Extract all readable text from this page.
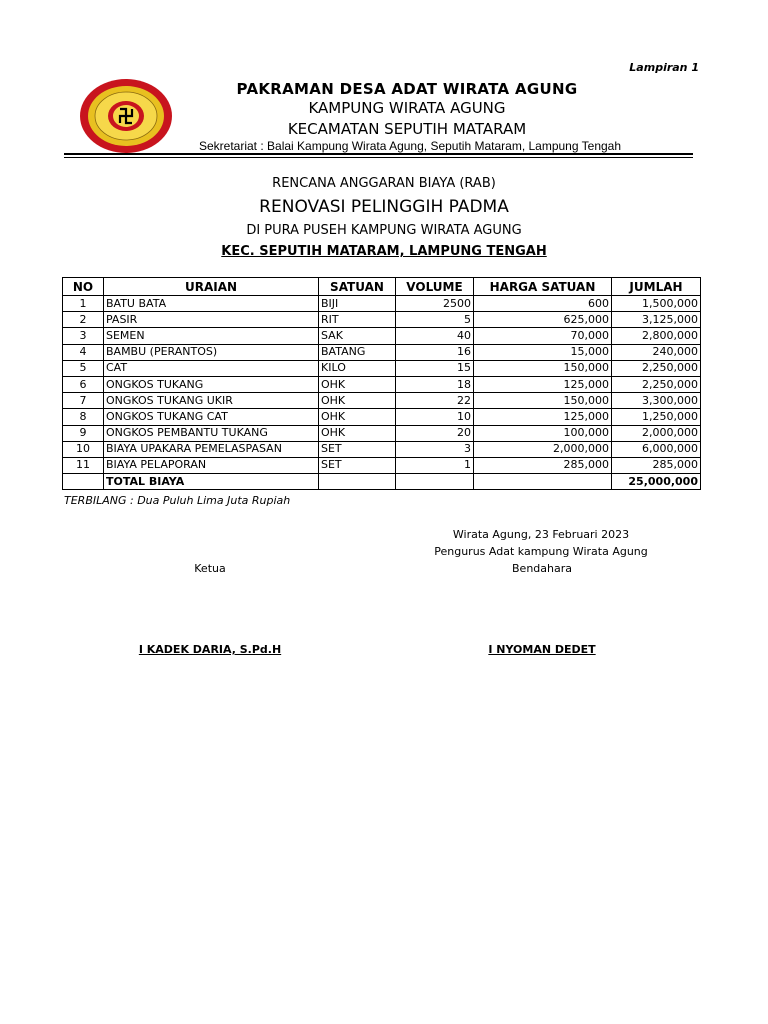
Lampiran 1
PAKRAMAN DESA ADAT WIRATA AGUNG
KAMPUNG WIRATA AGUNG
KECAMATAN SEPUTIH MATARAM
Sekretariat : Balai Kampung Wirata Agung, Seputih Mataram, Lampung Tengah
RENCANA ANGGARAN BIAYA (RAB)
RENOVASI PELINGGIH PADMA
DI PURA PUSEH KAMPUNG WIRATA AGUNG
KEC. SEPUTIH MATARAM, LAMPUNG TENGAH
NO	URAIAN	SATUAN	VOLUME	HARGA SATUAN	JUMLAH
1	BATU BATA	BIJI	2500	600	1,500,000
2	PASIR	RIT	5	625,000	3,125,000
3	SEMEN	SAK	40	70,000	2,800,000
4	BAMBU (PERANTOS)	BATANG	16	15,000	240,000
5	CAT	KILO	15	150,000	2,250,000
6	ONGKOS TUKANG	OHK	18	125,000	2,250,000
7	ONGKOS TUKANG UKIR	OHK	22	150,000	3,300,000
8	ONGKOS TUKANG CAT	OHK	10	125,000	1,250,000
9	ONGKOS PEMBANTU TUKANG	OHK	20	100,000	2,000,000
10	BIAYA UPAKARA PEMELASPASAN	SET	3	2,000,000	6,000,000
11	BIAYA PELAPORAN	SET	1	285,000	285,000
	TOTAL BIAYA				25,000,000
TERBILANG : Dua Puluh Lima Juta Rupiah
Wirata Agung, 23 Februari 2023
Pengurus Adat kampung Wirata Agung
Ketua	Bendahara
I KADEK DARIA, S.Pd.H	I NYOMAN DEDET
